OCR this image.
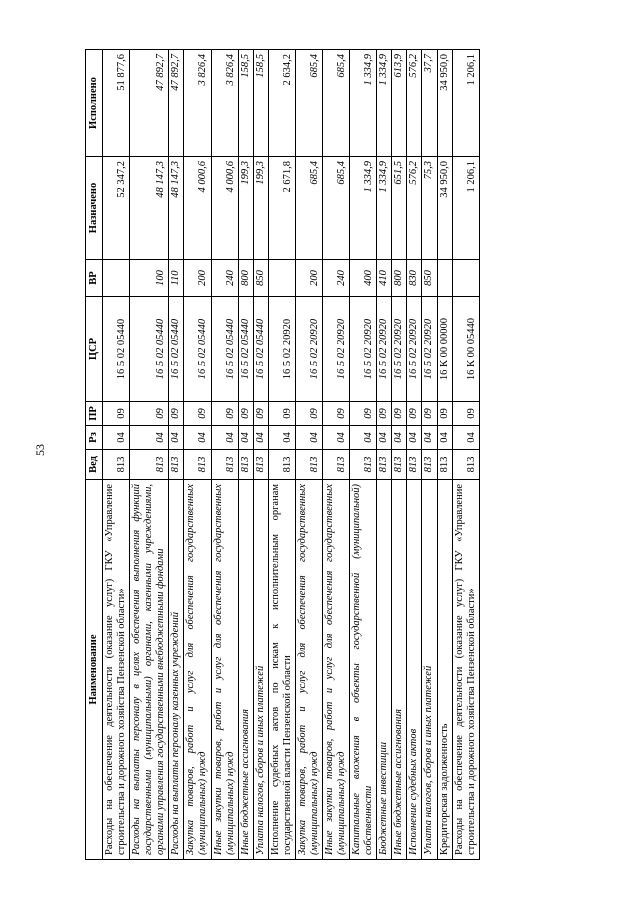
53
Наименование	Вед	Рз	ПР	ЦСР	ВР	Назначено	Исполнено
Расходы на обеспечение деятельности (оказание услуг) ГКУ «Управление строительства и дорожного хозяйства Пензенской области»	813	04	09	16 5 02 05440		52 347,2	51 877,6
Расходы на выплаты персоналу в целях обеспечения выполнения функций государственными (муниципальными) органами, казенными учреждениями, органами управления государственными внебюджетными фондами	813	04	09	16 5 02 05440	100	48 147,3	47 892,7
Расходы на выплаты персоналу казенных учреждений	813	04	09	16 5 02 05440	110	48 147,3	47 892,7
Закупка товаров, работ и услуг для обеспечения государственных (муниципальных) нужд	813	04	09	16 5 02 05440	200	4 000,6	3 826,4
Иные закупки товаров, работ и услуг для обеспечения государственных (муниципальных) нужд	813	04	09	16 5 02 05440	240	4 000,6	3 826,4
Иные бюджетные ассигнования	813	04	09	16 5 02 05440	800	199,3	158,5
Уплата налогов, сборов и иных платежей	813	04	09	16 5 02 05440	850	199,3	158,5
Исполнение судебных актов по искам к исполнительным органам государственной власти Пензенской области	813	04	09	16 5 02 20920		2 671,8	2 634,2
Закупка товаров, работ и услуг для обеспечения государственных (муниципальных) нужд	813	04	09	16 5 02 20920	200	685,4	685,4
Иные закупки товаров, работ и услуг для обеспечения государственных (муниципальных) нужд	813	04	09	16 5 02 20920	240	685,4	685,4
Капитальные вложения в объекты государственной (муниципальной) собственности	813	04	09	16 5 02 20920	400	1 334,9	1 334,9
Бюджетные инвестиции	813	04	09	16 5 02 20920	410	1 334,9	1 334,9
Иные бюджетные ассигнования	813	04	09	16 5 02 20920	800	651,5	613,9
Исполнение судебных актов	813	04	09	16 5 02 20920	830	576,2	576,2
Уплата налогов, сборов и иных платежей	813	04	09	16 5 02 20920	850	75,3	37,7
Кредиторская задолженность	813	04	09	16 К 00 00000		34 950,0	34 950,0
Расходы на обеспечение деятельности (оказание услуг) ГКУ «Управление строительства и дорожного хозяйства Пензенской области»	813	04	09	16 К 00 05440		1 206,1	1 206,1
